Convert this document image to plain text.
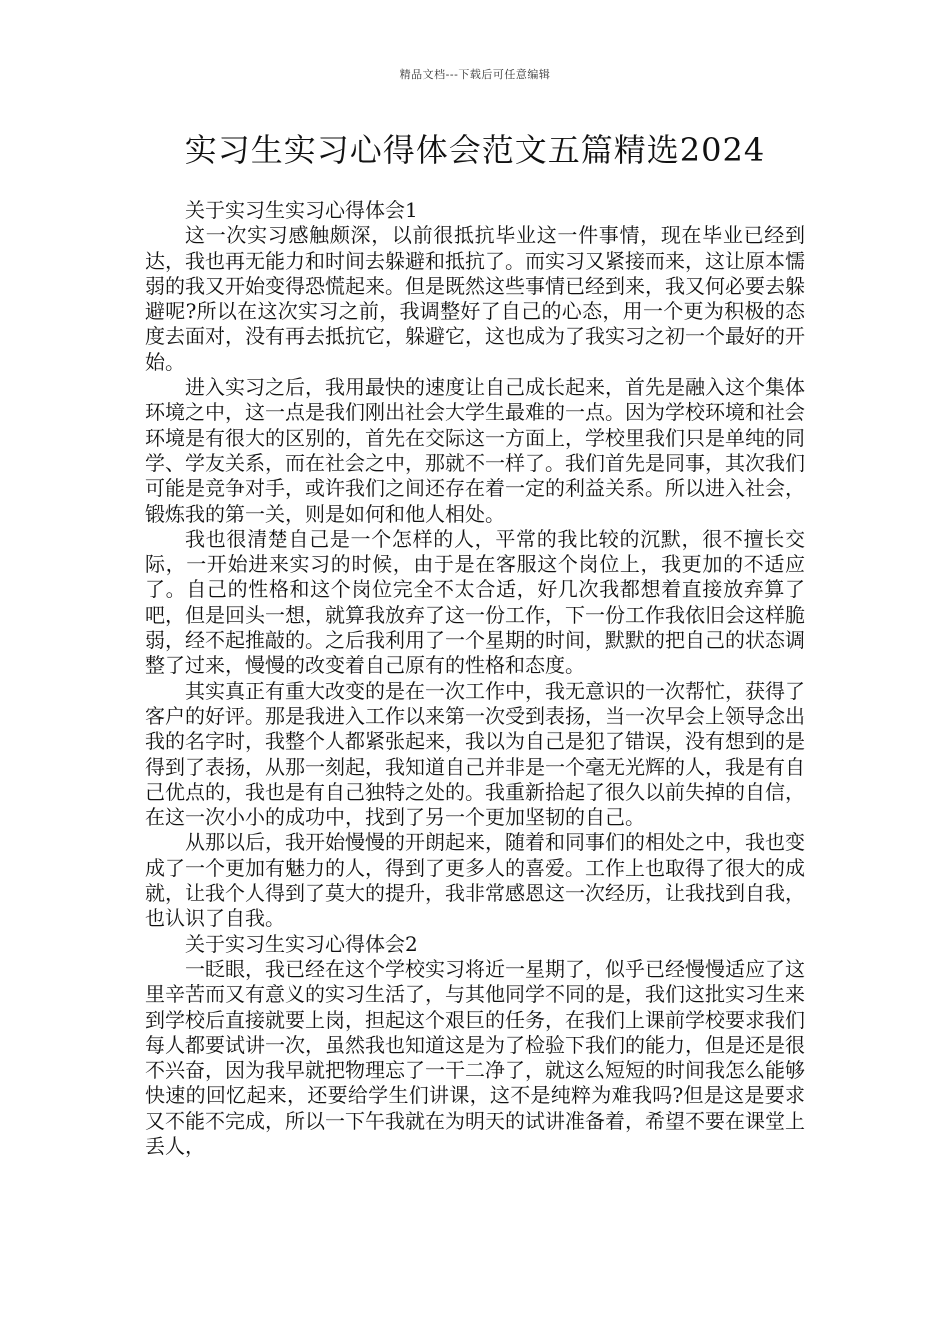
精品文档---下载后可任意编辑
实习生实习心得体会范文五篇精选2024

关于实习生实习心得体会1

这一次实习感触颇深，以前很抵抗毕业这一件事情，现在毕业已经到达，我也再无能力和时间去躲避和抵抗了。而实习又紧接而来，这让原本懦弱的我又开始变得恐慌起来。但是既然这些事情已经到来，我又何必要去躲避呢?所以在这次实习之前，我调整好了自己的心态，用一个更为积极的态度去面对，没有再去抵抗它，躲避它，这也成为了我实习之初一个最好的开始。

进入实习之后，我用最快的速度让自己成长起来，首先是融入这个集体环境之中，这一点是我们刚出社会大学生最难的一点。因为学校环境和社会环境是有很大的区别的，首先在交际这一方面上，学校里我们只是单纯的同学、学友关系，而在社会之中，那就不一样了。我们首先是同事，其次我们可能是竞争对手，或许我们之间还存在着一定的利益关系。所以进入社会，锻炼我的第一关，则是如何和他人相处。

我也很清楚自己是一个怎样的人，平常的我比较的沉默，很不擅长交际，一开始进来实习的时候，由于是在客服这个岗位上，我更加的不适应了。自己的性格和这个岗位完全不太合适，好几次我都想着直接放弃算了吧，但是回头一想，就算我放弃了这一份工作，下一份工作我依旧会这样脆弱，经不起推敲的。之后我利用了一个星期的时间，默默的把自己的状态调整了过来，慢慢的改变着自己原有的性格和态度。

其实真正有重大改变的是在一次工作中，我无意识的一次帮忙，获得了客户的好评。那是我进入工作以来第一次受到表扬，当一次早会上领导念出我的名字时，我整个人都紧张起来，我以为自己是犯了错误，没有想到的是得到了表扬，从那一刻起，我知道自己并非是一个毫无光辉的人，我是有自己优点的，我也是有自己独特之处的。我重新拾起了很久以前失掉的自信，在这一次小小的成功中，找到了另一个更加坚韧的自己。

从那以后，我开始慢慢的开朗起来，随着和同事们的相处之中，我也变成了一个更加有魅力的人，得到了更多人的喜爱。工作上也取得了很大的成就，让我个人得到了莫大的提升，我非常感恩这一次经历，让我找到自我，也认识了自我。

关于实习生实习心得体会2

一眨眼，我已经在这个学校实习将近一星期了，似乎已经慢慢适应了这里辛苦而又有意义的实习生活了，与其他同学不同的是，我们这批实习生来到学校后直接就要上岗，担起这个艰巨的任务，在我们上课前学校要求我们每人都要试讲一次，虽然我也知道这是为了检验下我们的能力，但是还是很不兴奋，因为我早就把物理忘了一干二净了，就这么短短的时间我怎么能够快速的回忆起来，还要给学生们讲课，这不是纯粹为难我吗?但是这是要求又不能不完成，所以一下午我就在为明天的试讲准备着，希望不要在课堂上丢人，
